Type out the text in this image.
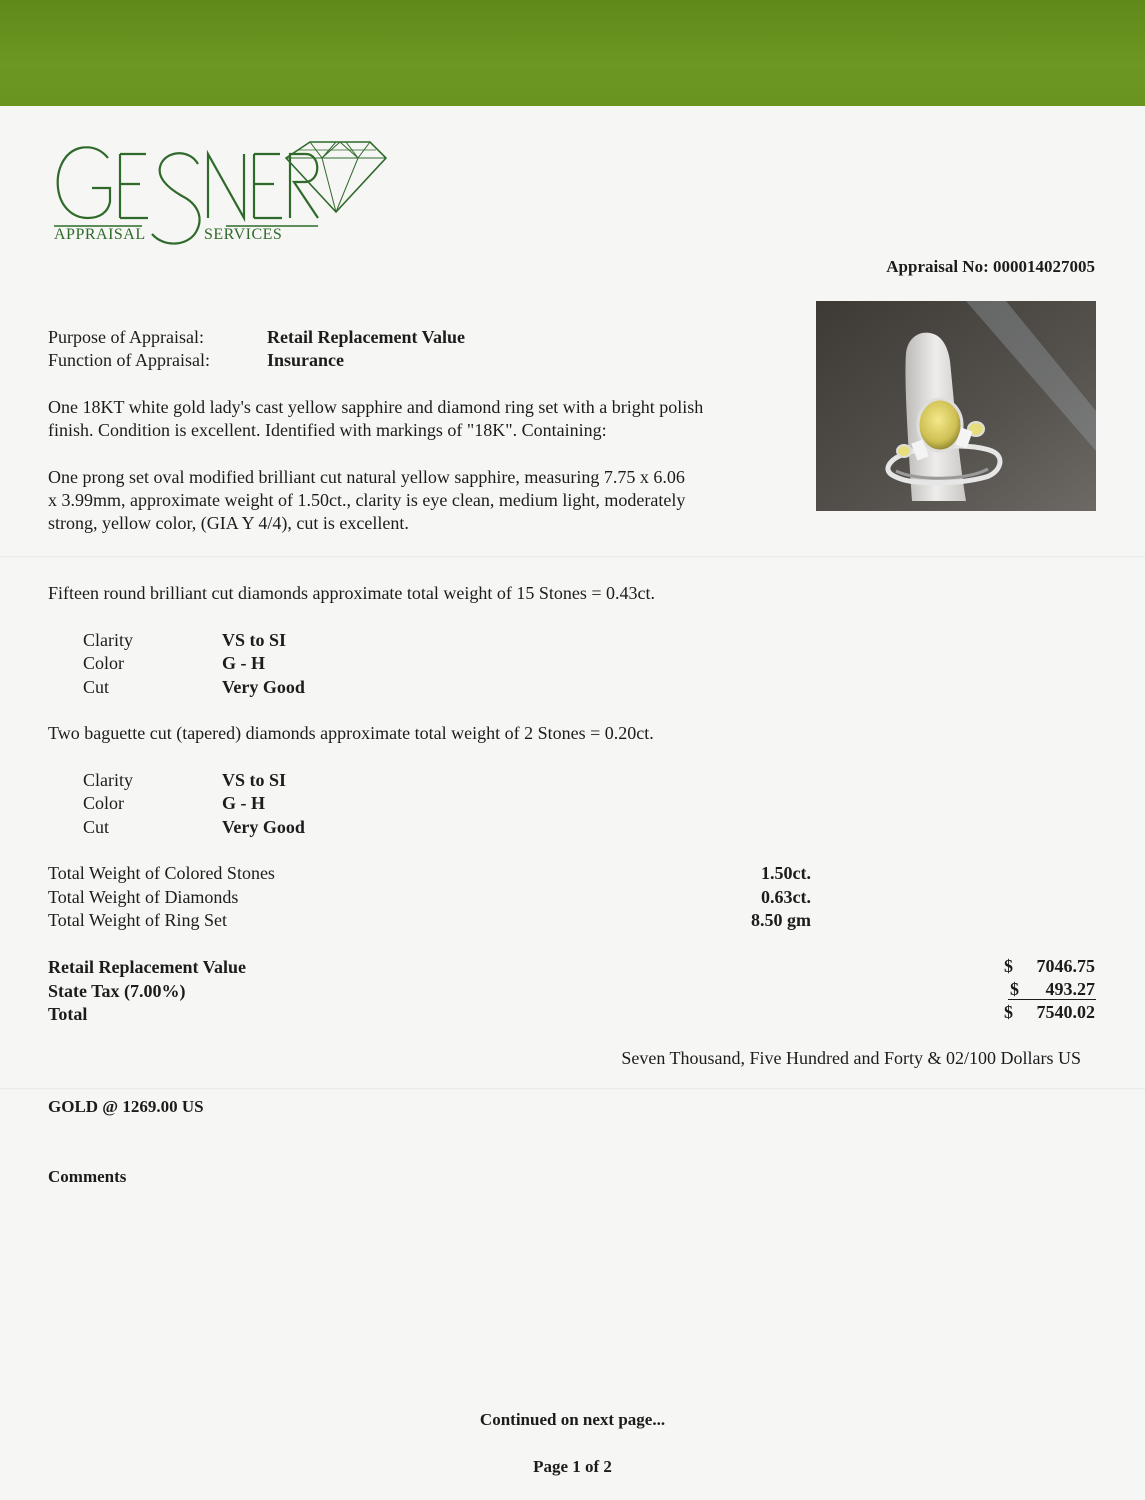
APPRAISAL	SERVICES
Appraisal No: 000014027005
Purpose of Appraisal:	Retail Replacement Value
Function of Appraisal:	Insurance
One 18KT white gold lady's cast yellow sapphire and diamond ring set with a bright polish
finish. Condition is excellent. Identified with markings of "18K". Containing:
One prong set oval modified brilliant cut natural yellow sapphire, measuring 7.75 x 6.06
x 3.99mm, approximate weight of 1.50ct., clarity is eye clean, medium light, moderately
strong, yellow color, (GIA Y 4/4), cut is excellent.
Fifteen round brilliant cut diamonds approximate total weight of 15 Stones = 0.43ct.
Clarity	VS to SI
Color	G - H
Cut	Very Good
Two baguette cut (tapered) diamonds approximate total weight of 2 Stones = 0.20ct.
Clarity	VS to SI
Color	G - H
Cut	Very Good
Total Weight of Colored Stones	1.50ct.
Total Weight of Diamonds	0.63ct.
Total Weight of Ring Set	8.50 gm
Retail Replacement Value	$ 7046.75
State Tax (7.00%)	$ 493.27
Total	$ 7540.02
Seven Thousand, Five Hundred and Forty & 02/100 Dollars US
GOLD @ 1269.00 US
Comments
Continued on next page...
Page 1 of 2
